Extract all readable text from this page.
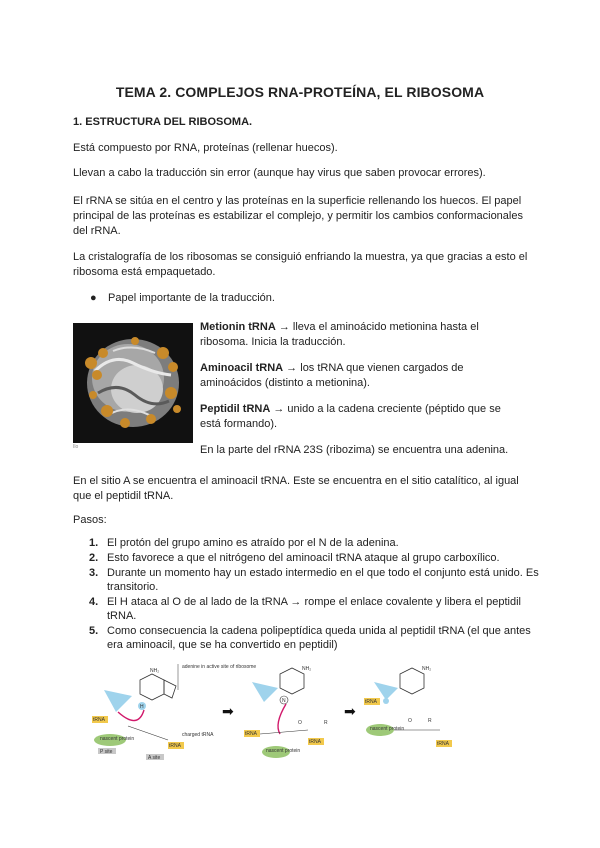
TEMA 2. COMPLEJOS RNA-PROTEÍNA, EL RIBOSOMA
1. ESTRUCTURA DEL RIBOSOMA.

Está compuesto por RNA, proteínas (rellenar huecos).

Llevan a cabo la traducción sin error (aunque hay virus que saben provocar errores).

El rRNA se sitúa en el centro y las proteínas en la superficie rellenando los huecos. El papel principal de las proteínas es estabilizar el complejo, y permitir los cambios conformacionales del rRNA.

La cristalografía de los ribosomas se consiguió enfriando la muestra, ya que gracias a esto el ribosoma está empaquetado.

● Papel importante de la traducción.
Ilo

Metionin tRNA → lleva el aminoácido metionina hasta el ribosoma. Inicia la traducción.

Aminoacil tRNA → los tRNA que vienen cargados de aminoácidos (distinto a metionina).

Peptidil tRNA → unido a la cadena creciente (péptido que se está formando).

En la parte del rRNA 23S (ribozima) se encuentra una adenina.

En el sitio A se encuentra el aminoacil tRNA. Este se encuentra en el sitio catalítico, al igual que el peptidil tRNA.

Pasos:

1. El protón del grupo amino es atraído por el N de la adenina.
2. Esto favorece a que el nitrógeno del aminoacil tRNA ataque al grupo carboxílico.
3. Durante un momento hay un estado intermedio en el que todo el conjunto está unido. Es transitorio.
4. El H ataca al O de al lado de la tRNA → rompe el enlace covalente y libera el peptidil tRNA.
5. Como consecuencia la cadena polipeptídica queda unida al peptidil tRNA (el que antes era aminoacil, que se ha convertido en peptidil)
NH₂
adenine in active site of ribosome
H
tRNA
nascent protein
P site
A site
charged tRNA
tRNA
➡
NH₂
N
tRNA
O	R
nascent protein
tRNA
➡
NH₂
tRNA
nascent protein
O	R
tRNA
